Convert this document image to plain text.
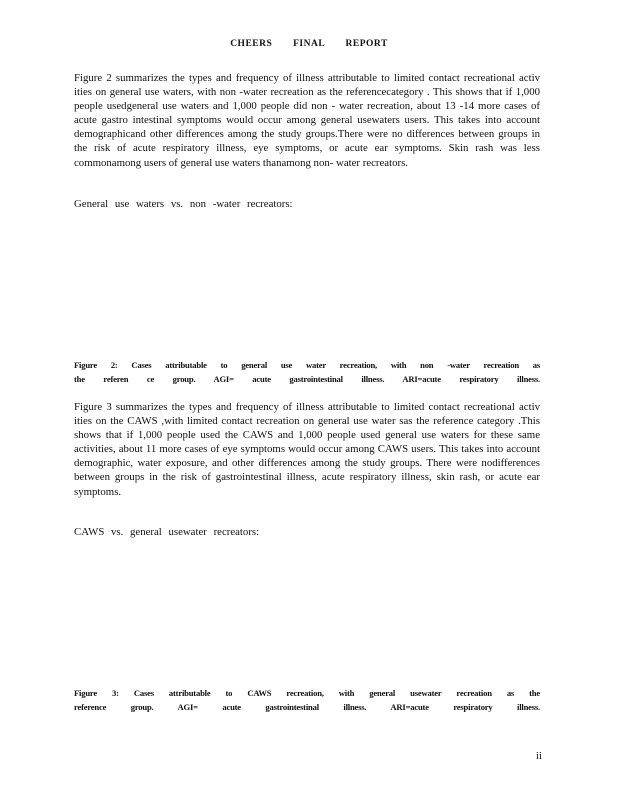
CHEERS FINAL REPORT

Figure 2 summarizes the types and frequency of illness attributable to limited contact recreational activ ities on general use waters, with non -water recreation as the referencecategory . This shows that if 1,000 people usedgeneral use waters and 1,000 people did non - water recreation, about 13 -14 more cases of acute gastro intestinal symptoms would occur among general usewaters users. This takes into account demographicand other differences among the study groups.There were no differences between groups in the risk of acute respiratory illness, eye symptoms, or acute ear symptoms. Skin rash was less commonamong users of general use waters thanamong non- water recreators.

General use waters vs. non -water recreators:
Figure 2: Cases attributable to general use water recreation, with non -water recreation as
the referen ce group. AGI= acute gastrointestinal illness. ARI=acute respiratory illness.

Figure 3 summarizes the types and frequency of illness attributable to limited contact recreational activ ities on the CAWS ,with limited contact recreation on general use water sas the reference category .This shows that if 1,000 people used the CAWS and 1,000 people used general use waters for these same activities, about 11 more cases of eye symptoms would occur among CAWS users. This takes into account demographic, water exposure, and other differences among the study groups. There were nodifferences between groups in the risk of gastrointestinal illness, acute respiratory illness, skin rash, or acute ear symptoms.

CAWS vs. general usewater recreators:
Figure 3: Cases attributable to CAWS recreation, with general usewater recreation as the
reference group. AGI= acute gastrointestinal illness. ARI=acute respiratory illness.
ii
